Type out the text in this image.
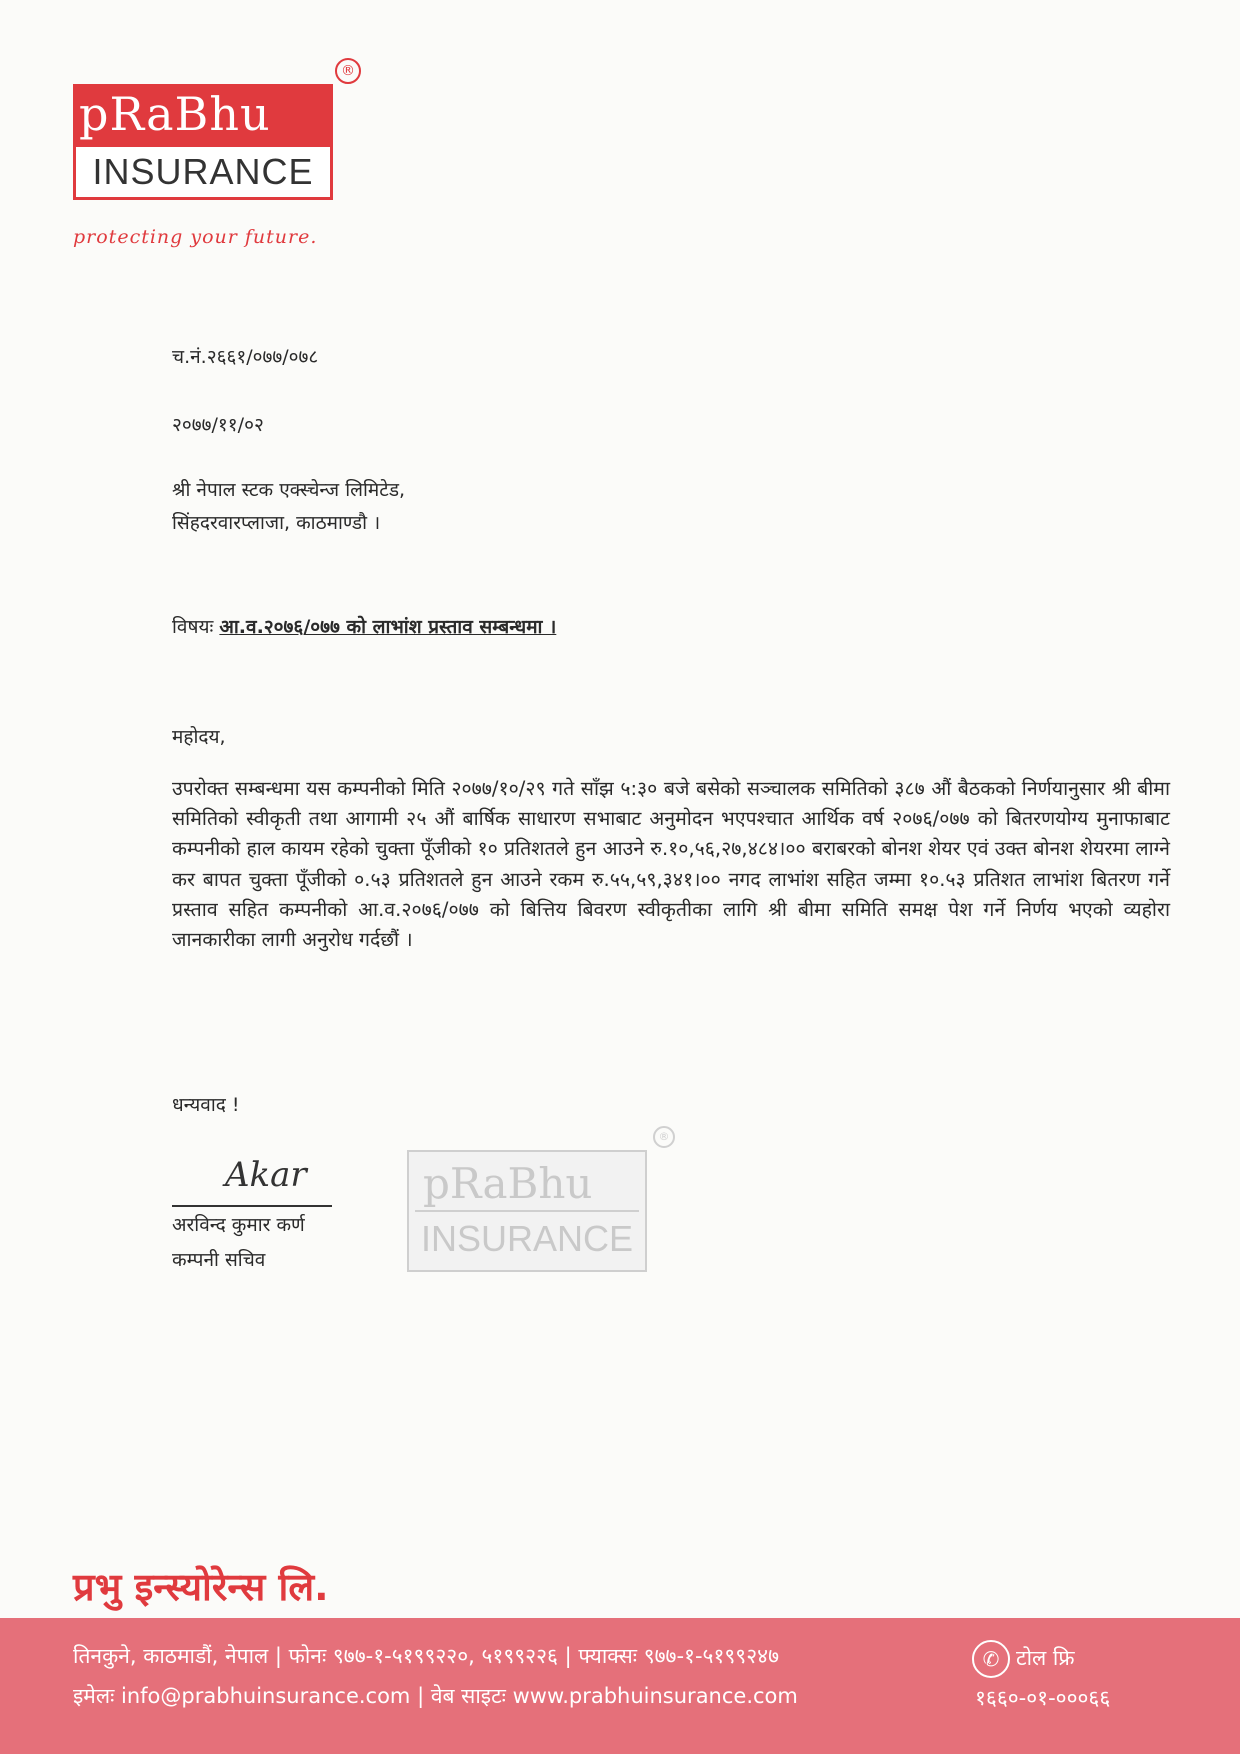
pRaBhu
INSURANCE
®
protecting your future.
च.नं.२६६१/०७७/०७८
२०७७/११/०२
श्री नेपाल स्टक एक्स्चेन्ज लिमिटेड,
सिंहदरवारप्लाजा, काठमाण्डौ ।
विषयः आ.व.२०७६/०७७ को लाभांश प्रस्ताव सम्बन्धमा ।
महोदय,
उपरोक्त सम्बन्धमा यस कम्पनीको मिति २०७७/१०/२९ गते साँझ ५:३० बजे बसेको सञ्चालक समितिको ३८७ औं बैठकको निर्णयानुसार श्री बीमा समितिको स्वीकृती तथा आगामी २५ औं बार्षिक साधारण सभाबाट अनुमोदन भएपश्चात आर्थिक वर्ष २०७६/०७७ को बितरणयोग्य मुनाफाबाट कम्पनीको हाल कायम रहेको चुक्ता पूँजीको १० प्रतिशतले हुन आउने रु.१०,५६,२७,४८४।०० बराबरको बोनश शेयर एवं उक्त बोनश शेयरमा लाग्ने कर बापत चुक्ता पूँजीको ०.५३ प्रतिशतले हुन आउने रकम रु.५५,५९,३४१।०० नगद लाभांश सहित जम्मा १०.५३ प्रतिशत लाभांश बितरण गर्ने प्रस्ताव सहित कम्पनीको आ.व.२०७६/०७७ को बित्तिय बिवरण स्वीकृतीका लागि श्री बीमा समिति समक्ष पेश गर्ने निर्णय भएको व्यहोरा जानकारीका लागी अनुरोध गर्दछौं ।
धन्यवाद !
Akar
अरविन्द कुमार कर्ण
कम्पनी सचिव
pRaBhu
INSURANCE
®
प्रभु इन्स्योरेन्स लि.
तिनकुने, काठमाडौं, नेपाल | फोनः ९७७-१-५१९९२२०, ५१९९२२६ | फ्याक्सः ९७७-१-५१९९२४७
इमेलः info@prabhuinsurance.com | वेब साइटः www.prabhuinsurance.com
✆ टोल फ्रि
१६६०-०१-०००६६
